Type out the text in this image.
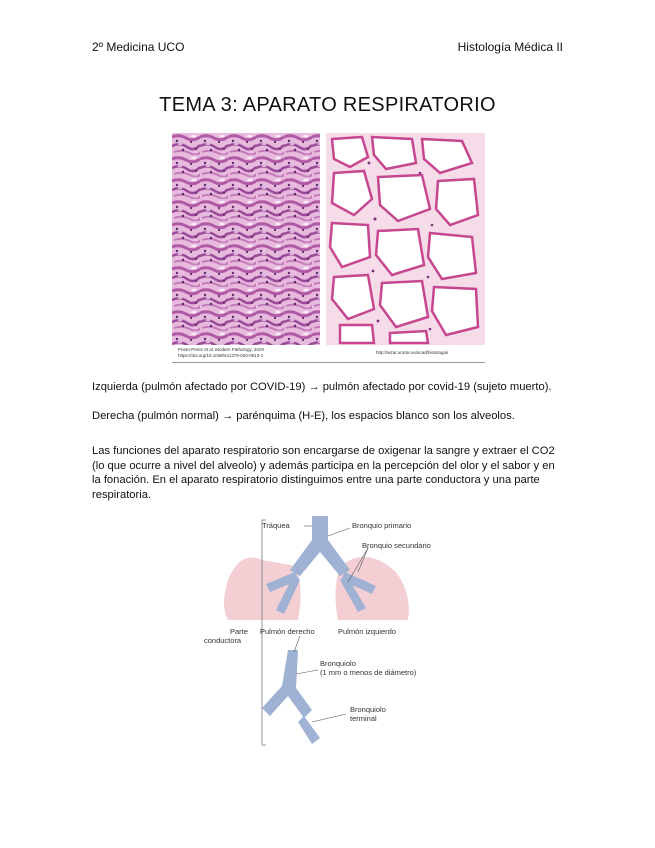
2º Medicina UCO	Histología Médica II
TEMA 3: APARATO RESPIRATORIO
Prieto-Perez et al. Modern Pathology, 2020
https://doi.org/10.1038/s41379-020-0613-1
http://wzar.unizar.es/acad/histologia/
Izquierda (pulmón afectado por COVID-19) → pulmón afectado por covid-19 (sujeto muerto).
Derecha (pulmón normal) → parénquima (H-E), los espacios blanco son los alveolos.
Las funciones del aparato respiratorio son encargarse de oxigenar la sangre y extraer el CO2 (lo que ocurre a nivel del alveolo) y además participa en la percepción del olor y el sabor y en la fonación. En el aparato respiratorio distinguimos entre una parte conductora y una parte respiratoria.
Tráquea	Bronquio primario
Bronquio secundario
Parte
conductora
Pulmón derecho	Pulmón izquierdo
Bronquiolo
(1 mm o menos de diámetro)
Bronquiolo
terminal
